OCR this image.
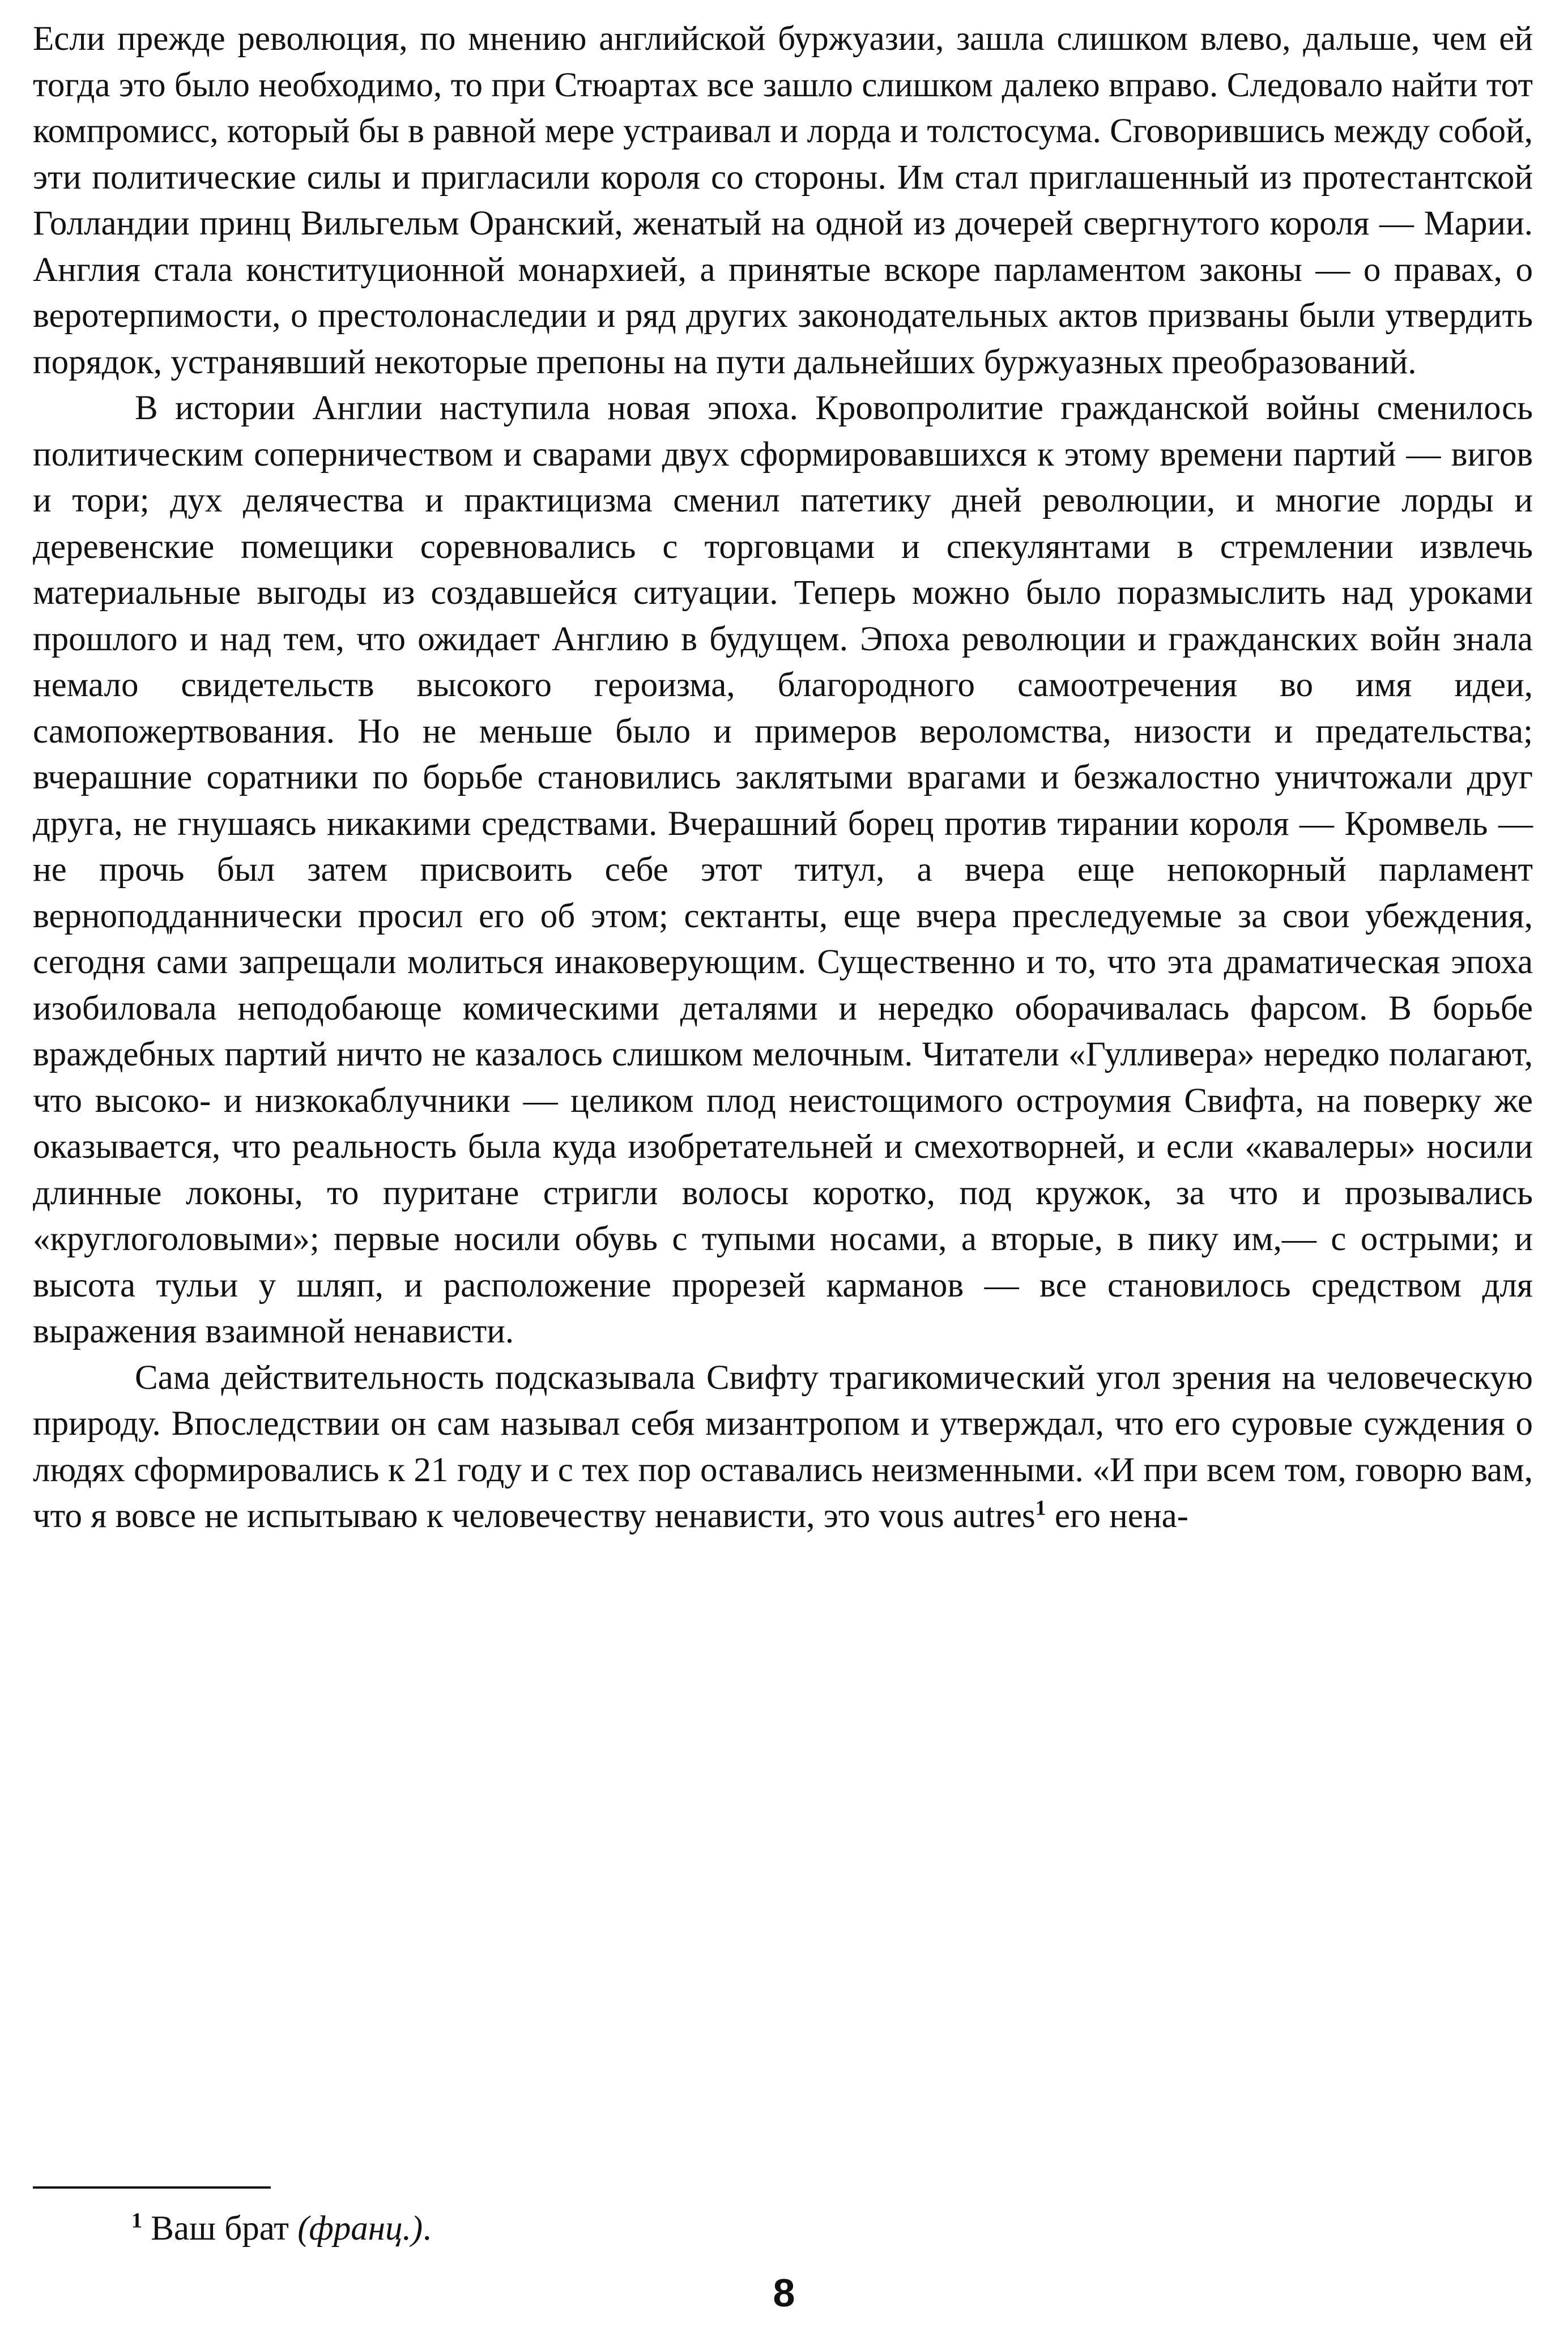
Если прежде революция, по мнению английской буржуазии, зашла слишком влево, дальше, чем ей тогда это было необходимо, то при Стюартах все зашло слишком далеко вправо. Следовало найти тот компромисс, который бы в равной мере устраивал и лорда и толстосума. Сговорившись между собой, эти политические силы и пригласили короля со стороны. Им стал приглашенный из протестантской Голландии принц Вильгельм Оранский, женатый на одной из дочерей свергнутого короля — Марии. Англия стала конституционной монархией, а принятые вскоре парламентом законы — о правах, о веротерпимости, о престолонаследии и ряд других законодательных актов призваны были утвердить порядок, устранявший некоторые препоны на пути дальнейших буржуазных преобразований.

В истории Англии наступила новая эпоха. Кровопролитие гражданской войны сменилось политическим соперничеством и сварами двух сформировавшихся к этому времени партий — вигов и тори; дух делячества и практицизма сменил патетику дней революции, и многие лорды и деревенские помещики соревновались с торговцами и спекулянтами в стремлении извлечь материальные выгоды из создавшейся ситуации. Теперь можно было поразмыслить над уроками прошлого и над тем, что ожидает Англию в будущем. Эпоха революции и гражданских войн знала немало свидетельств высокого героизма, благородного самоотречения во имя идеи, самопожертвования. Но не меньше было и примеров вероломства, низости и предательства; вчерашние соратники по борьбе становились заклятыми врагами и безжалостно уничтожали друг друга, не гнушаясь никакими средствами. Вчерашний борец против тирании короля — Кромвель — не прочь был затем присвоить себе этот титул, а вчера еще непокорный парламент верноподданнически просил его об этом; сектанты, еще вчера преследуемые за свои убеждения, сегодня сами запрещали молиться инаковерующим. Существенно и то, что эта драматическая эпоха изобиловала неподобающе комическими деталями и нередко оборачивалась фарсом. В борьбе враждебных партий ничто не казалось слишком мелочным. Читатели «Гулливера» нередко полагают, что высоко- и низкокаблучники — целиком плод неистощимого остроумия Свифта, на поверку же оказывается, что реальность была куда изобретательней и смехотворней, и если «кавалеры» носили длинные локоны, то пуритане стригли волосы коротко, под кружок, за что и прозывались «круглоголовыми»; первые носили обувь с тупыми носами, а вторые, в пику им,— с острыми; и высота тульи у шляп, и расположение прорезей карманов — все становилось средством для выражения взаимной ненависти.

Сама действительность подсказывала Свифту трагикомический угол зрения на человеческую природу. Впоследствии он сам называл себя мизантропом и утверждал, что его суровые суждения о людях сформировались к 21 году и с тех пор оставались неизменными. «И при всем том, говорю вам, что я вовсе не испытываю к человечеству ненависти, это vous autres$^1$ его нена-

$^1$ Ваш брат (франц.).
8
